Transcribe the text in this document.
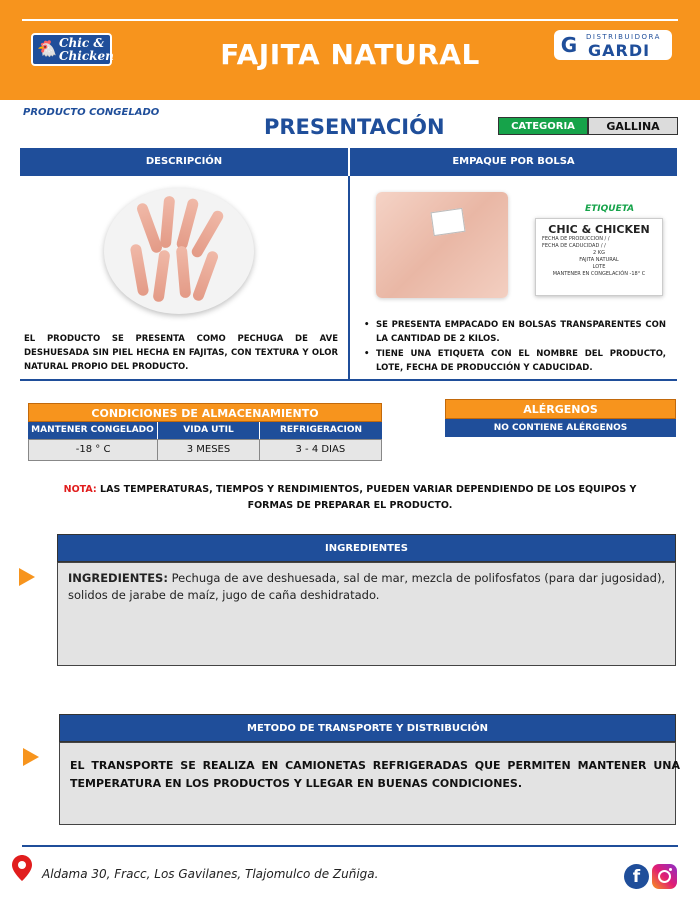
🐔 Chic &
Chicken	FAJITA NATURAL	G DISTRIBUIDORA
GARDI
PRODUCTO CONGELADO
PRESENTACIÓN	CATEGORIA	GALLINA
DESCRIPCIÓN	EMPAQUE POR BOLSA
EL PRODUCTO SE PRESENTA COMO PECHUGA DE AVE DESHUESADA SIN PIEL HECHA EN FAJITAS, CON TEXTURA Y OLOR NATURAL PROPIO DEL PRODUCTO.
ETIQUETA
CHIC & CHICKEN
FECHA DE PRODUCCION / /
FECHA DE CADUCIDAD / /
2 KG
FAJITA NATURAL
LOTE
MANTENER EN CONGELACIÓN -18° C
• SE PRESENTA EMPACADO EN BOLSAS TRANSPARENTES CON LA CANTIDAD DE 2 KILOS.
• TIENE UNA ETIQUETA CON EL NOMBRE DEL PRODUCTO, LOTE, FECHA DE PRODUCCIÓN Y CADUCIDAD.
CONDICIONES DE ALMACENAMIENTO
MANTENER CONGELADO	VIDA UTIL	REFRIGERACION
-18 ° C	3 MESES	3 - 4 DIAS
ALÉRGENOS
NO CONTIENE ALÉRGENOS
NOTA: LAS TEMPERATURAS, TIEMPOS Y RENDIMIENTOS, PUEDEN VARIAR DEPENDIENDO DE LOS EQUIPOS Y FORMAS DE PREPARAR EL PRODUCTO.
INGREDIENTES
INGREDIENTES: Pechuga de ave deshuesada, sal de mar, mezcla de polifosfatos (para dar jugosidad), solidos de jarabe de maíz, jugo de caña deshidratado.
METODO DE TRANSPORTE Y DISTRIBUCIÓN
EL TRANSPORTE SE REALIZA EN CAMIONETAS REFRIGERADAS QUE PERMITEN MANTENER UNA TEMPERATURA EN LOS PRODUCTOS Y LLEGAR EN BUENAS CONDICIONES.
Aldama 30, Fracc, Los Gavilanes, Tlajomulco de Zuñiga.	f
